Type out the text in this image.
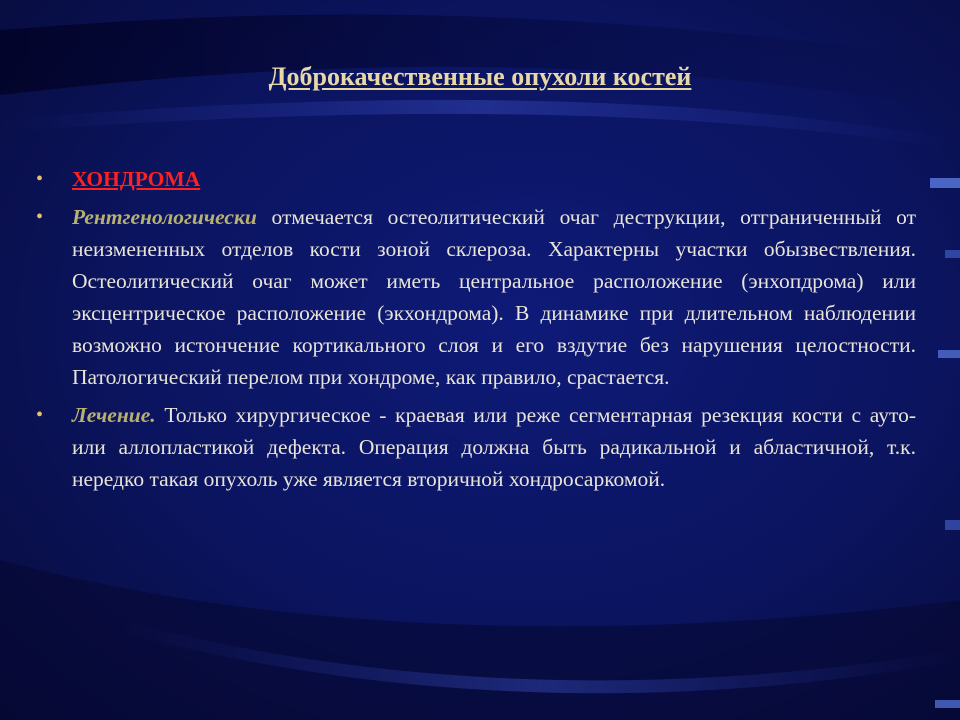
Доброкачественные опухоли костей
• ХОНДРОМА

• Рентгенологически отмечается остеолитический очаг деструкции, отграниченный от неизмененных отделов кости зоной склероза. Характерны участки обызвествления. Остеолитический очаг может иметь центральное расположение (энхопдрома) или эксцентрическое расположение (экхондрома). В динамике при длительном наблюдении возможно истончение кортикального слоя и его вздутие без нарушения целостности. Патологический перелом при хондроме, как правило, срастается.

• Лечение. Только хирургическое - краевая или реже сегментарная резекция кости с ауто- или аллопластикой дефекта. Операция должна быть радикальной и абластичной, т.к. нередко такая опухоль уже является вторичной хондросаркомой.
